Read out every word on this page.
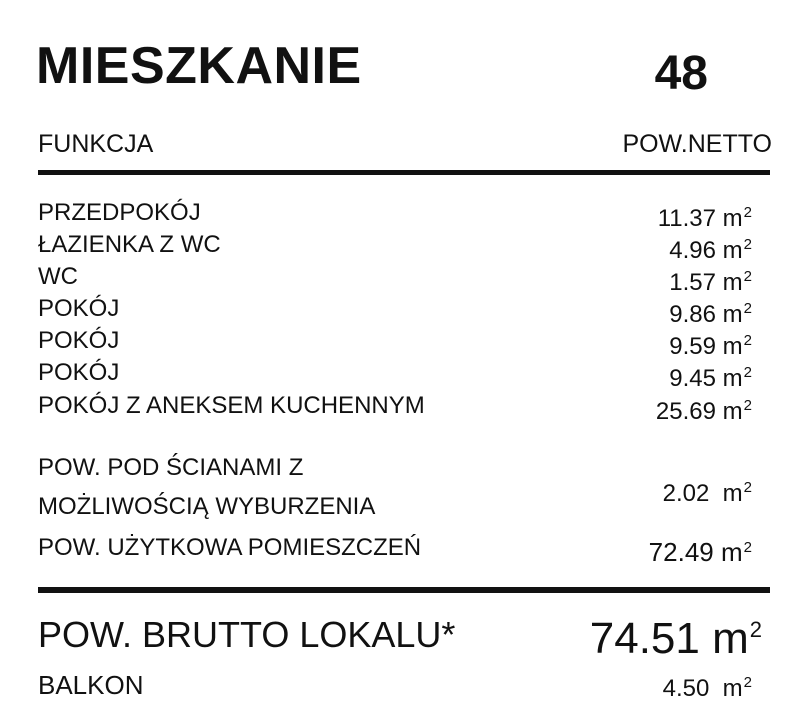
MIESZKANIE	48
FUNKCJA	POW.NETTO
PRZEDPOKÓJ	11.37 $m^2$
ŁAZIENKA Z WC	4.96 $m^2$
WC	1.57 $m^2$
POKÓJ	9.86 $m^2$
POKÓJ	9.59 $m^2$
POKÓJ	9.45 $m^2$
POKÓJ Z ANEKSEM KUCHENNYM	25.69 $m^2$
POW. POD ŚCIANAMI Z
MOŻLIWOŚCIĄ WYBURZENIA	2.02 $m^2$
POW. UŻYTKOWA POMIESZCZEŃ	72.49 $m^2$
POW. BRUTTO LOKALU*	74.51 $m^2$
BALKON	4.50 $m^2$
